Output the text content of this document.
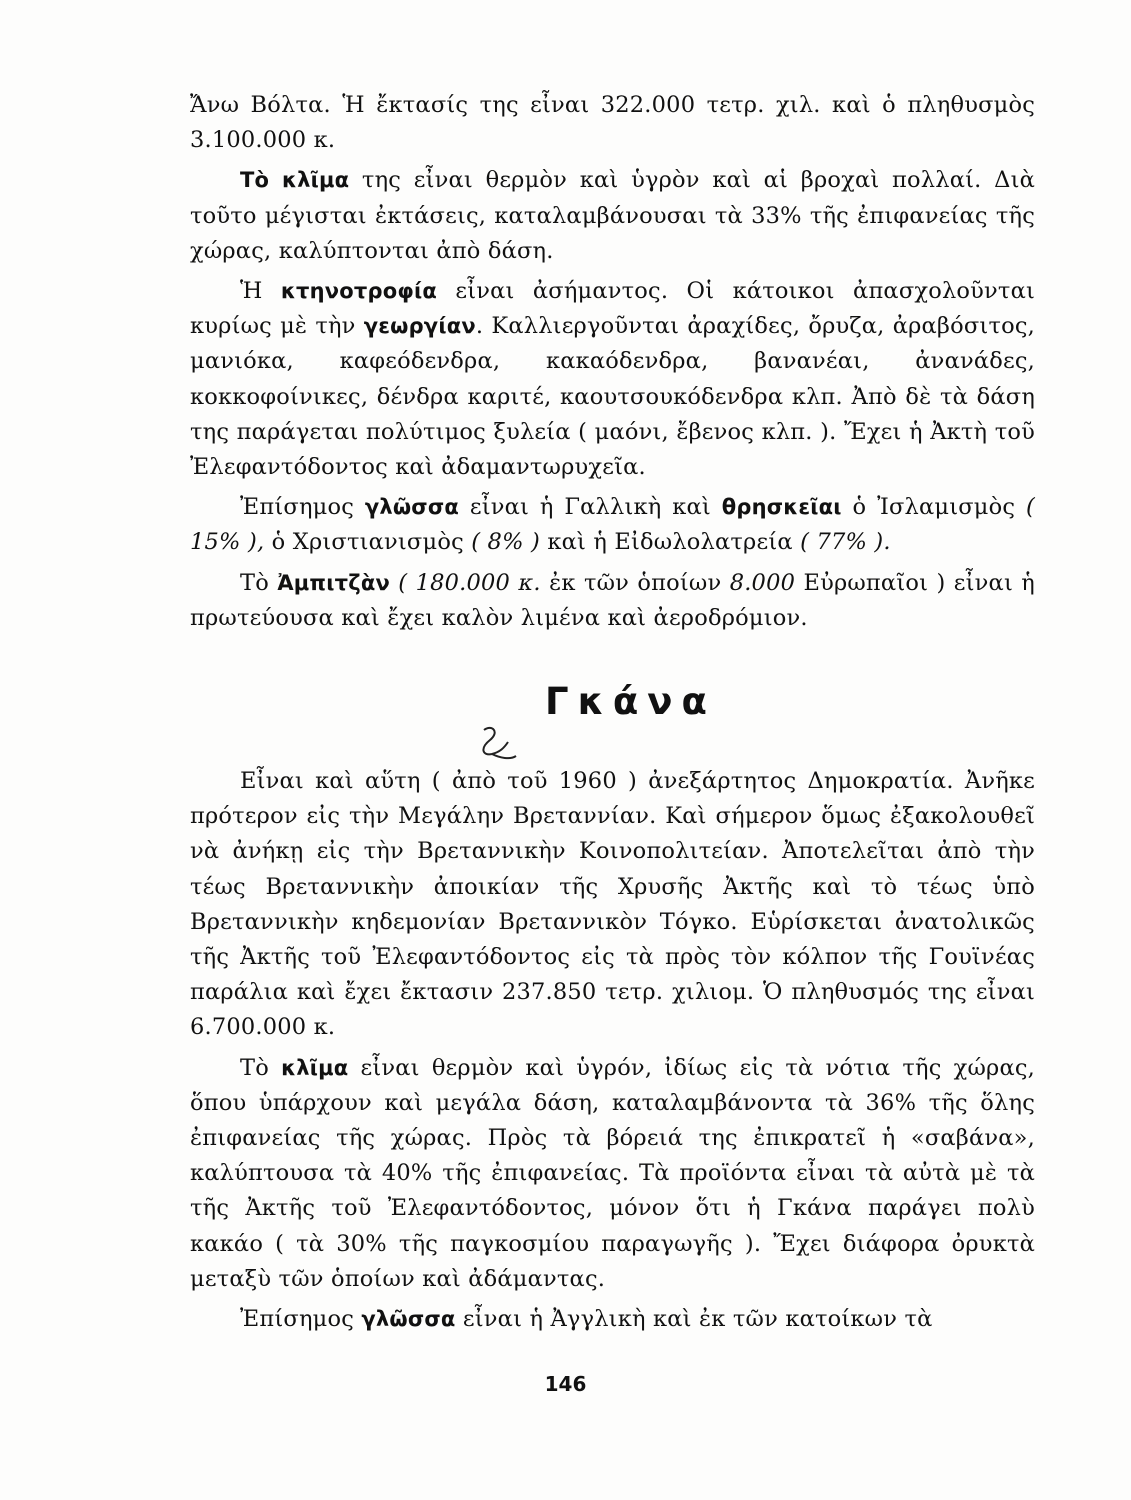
Ἄνω Βόλτα. Ἡ ἔκτασίς της εἶναι 322.000 τετρ. χιλ. καὶ ὁ πληθυσμὸς 3.100.000 κ.

Τὸ κλῖμα της εἶναι θερμὸν καὶ ὑγρὸν καὶ αἱ βροχαὶ πολλαί. Διὰ τοῦτο μέγισται ἐκτάσεις, καταλαμβάνουσαι τὰ 33% τῆς ἐπιφανείας τῆς χώρας, καλύπτονται ἀπὸ δάση.

Ἡ κτηνοτροφία εἶναι ἀσήμαντος. Οἱ κάτοικοι ἀπασχολοῦνται κυρίως μὲ τὴν γεωργίαν. Καλλιεργοῦνται ἀραχίδες, ὄρυζα, ἀραβόσιτος, μανιόκα, καφεόδενδρα, κακαόδενδρα, βανανέαι, ἀνανάδες, κοκκοφοίνικες, δένδρα καριτέ, καουτσουκόδενδρα κλπ. Ἀπὸ δὲ τὰ δάση της παράγεται πολύτιμος ξυλεία ( μαόνι, ἔβενος κλπ. ). Ἔχει ἡ Ἀκτὴ τοῦ Ἐλεφαντόδοντος καὶ ἀδαμαντωρυχεῖα.

Ἐπίσημος γλῶσσα εἶναι ἡ Γαλλικὴ καὶ θρησκεῖαι ὁ Ἰσλαμισμὸς ( 15% ), ὁ Χριστιανισμὸς ( 8% ) καὶ ἡ Εἰδωλολατρεία ( 77% ).

Τὸ Ἀμπιτζὰν ( 180.000 κ. ἐκ τῶν ὁποίων 8.000 Εὐρωπαῖοι ) εἶναι ἡ πρωτεύουσα καὶ ἔχει καλὸν λιμένα καὶ ἀεροδρόμιον.

Γκάνα

Εἶναι καὶ αὕτη ( ἀπὸ τοῦ 1960 ) ἀνεξάρτητος Δημοκρατία. Ἀνῆκε πρότερον εἰς τὴν Μεγάλην Βρεταννίαν. Καὶ σήμερον ὅμως ἐξακολουθεῖ νὰ ἀνήκῃ εἰς τὴν Βρεταννικὴν Κοινοπολιτείαν. Ἀποτελεῖται ἀπὸ τὴν τέως Βρεταννικὴν ἀποικίαν τῆς Χρυσῆς Ἀκτῆς καὶ τὸ τέως ὑπὸ Βρεταννικὴν κηδεμονίαν Βρεταννικὸν Τόγκο. Εὑρίσκεται ἀνατολικῶς τῆς Ἀκτῆς τοῦ Ἐλεφαντόδοντος εἰς τὰ πρὸς τὸν κόλπον τῆς Γουϊνέας παράλια καὶ ἔχει ἔκτασιν 237.850 τετρ. χιλιομ. Ὁ πληθυσμός της εἶναι 6.700.000 κ.

Τὸ κλῖμα εἶναι θερμὸν καὶ ὑγρόν, ἰδίως εἰς τὰ νότια τῆς χώρας, ὅπου ὑπάρχουν καὶ μεγάλα δάση, καταλαμβάνοντα τὰ 36% τῆς ὅλης ἐπιφανείας τῆς χώρας. Πρὸς τὰ βόρειά της ἐπικρατεῖ ἡ «σαβάνα», καλύπτουσα τὰ 40% τῆς ἐπιφανείας. Τὰ προϊόντα εἶναι τὰ αὐτὰ μὲ τὰ τῆς Ἀκτῆς τοῦ Ἐλεφαντόδοντος, μόνον ὅτι ἡ Γκάνα παράγει πολὺ κακάο ( τὰ 30% τῆς παγκοσμίου παραγωγῆς ). Ἔχει διάφορα ὀρυκτὰ μεταξὺ τῶν ὁποίων καὶ ἀδάμαντας.

Ἐπίσημος γλῶσσα εἶναι ἡ Ἀγγλικὴ καὶ ἐκ τῶν κατοίκων τὰ

146
